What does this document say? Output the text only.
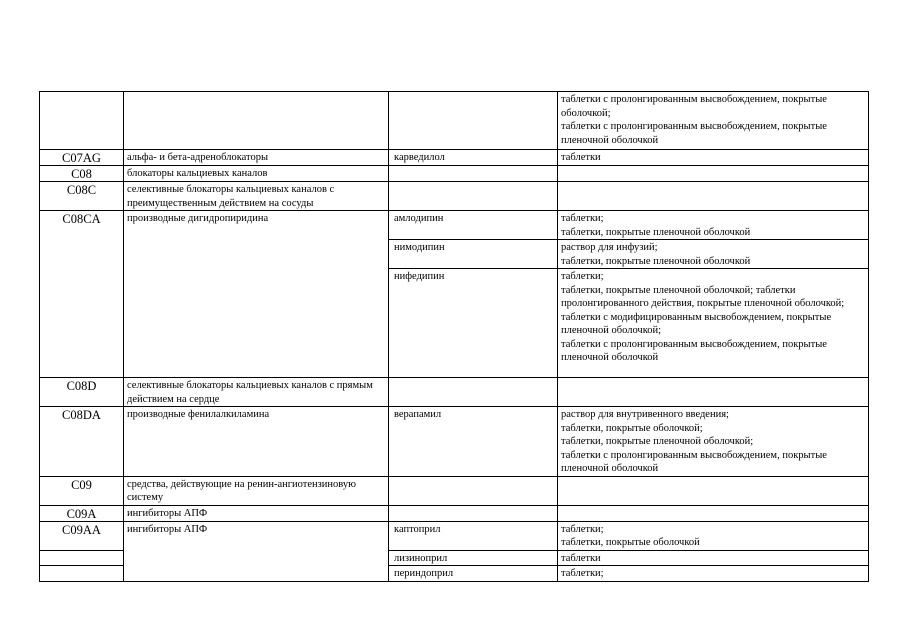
			таблетки с пролонгированным высвобождением, покрытые оболочкой;
таблетки с пролонгированным высвобождением, покрытые пленочной оболочкой

C07AG	альфа- и бета-адреноблокаторы	карведилол	таблетки

C08	блокаторы кальциевых каналов		
C08C	селективные блокаторы кальциевых каналов с преимущественным действием на сосуды		
C08CA	производные дигидропиридина	амлодипин	таблетки;
таблетки, покрытые пленочной оболочкой

		нимодипин	раствор для инфузий;
таблетки, покрытые пленочной оболочкой

		нифедипин	таблетки;
таблетки, покрытые пленочной оболочкой; таблетки пролонгированного действия, покрытые пленочной оболочкой;
таблетки с модифицированным высвобождением, покрытые пленочной оболочкой;
таблетки с пролонгированным высвобождением, покрытые пленочной оболочкой

C08D	селективные блокаторы кальциевых каналов с прямым действием на сердце		
C08DA	производные фенилалкиламина	верапамил	раствор для внутривенного введения;
таблетки, покрытые оболочкой;
таблетки, покрытые пленочной оболочкой;
таблетки с пролонгированным высвобождением, покрытые пленочной оболочкой

C09	средства, действующие на ренин-ангиотензиновую систему		
C09A	ингибиторы АПФ		
C09AA	ингибиторы АПФ	каптоприл	таблетки;
таблетки, покрытые оболочкой

		лизиноприл	таблетки

		периндоприл	таблетки;
